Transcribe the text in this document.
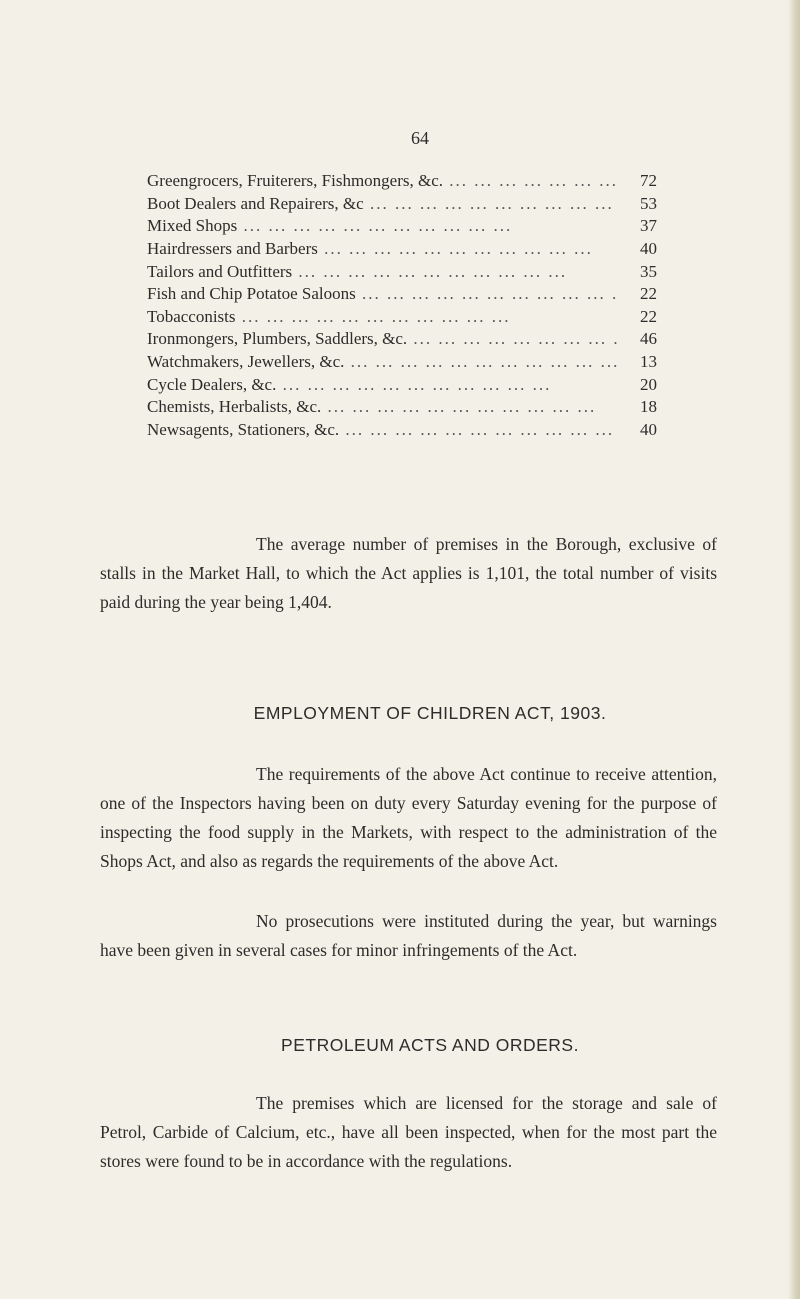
64
Greengrocers, Fruiterers, Fishmongers, &c. ... .	72
Boot Dealers and Repairers, &c ... .	53
Mixed Shops ... .	37
Hairdressers and Barbers ... .	40
Tailors and Outfitters ... .	35
Fish and Chip Potatoe Saloons ... .	22
Tobacconists ... .	22
Ironmongers, Plumbers, Saddlers, &c. ... .	46
Watchmakers, Jewellers, &c. ... .	13
Cycle Dealers, &c. ... .	20
Chemists, Herbalists, &c. ... .	18
Newsagents, Stationers, &c. ... .	40

The average number of premises in the Borough, exclusive of stalls in the Market Hall, to which the Act applies is 1,101, the total number of visits paid during the year being 1,404.

EMPLOYMENT OF CHILDREN ACT, 1903.

The requirements of the above Act continue to receive attention, one of the Inspectors having been on duty every Saturday evening for the purpose of inspecting the food supply in the Markets, with respect to the administration of the Shops Act, and also as regards the requirements of the above Act.

No prosecutions were instituted during the year, but warnings have been given in several cases for minor infringements of the Act.

PETROLEUM ACTS AND ORDERS.

The premises which are licensed for the storage and sale of Petrol, Carbide of Calcium, etc., have all been inspected, when for the most part the stores were found to be in accordance with the regulations.
